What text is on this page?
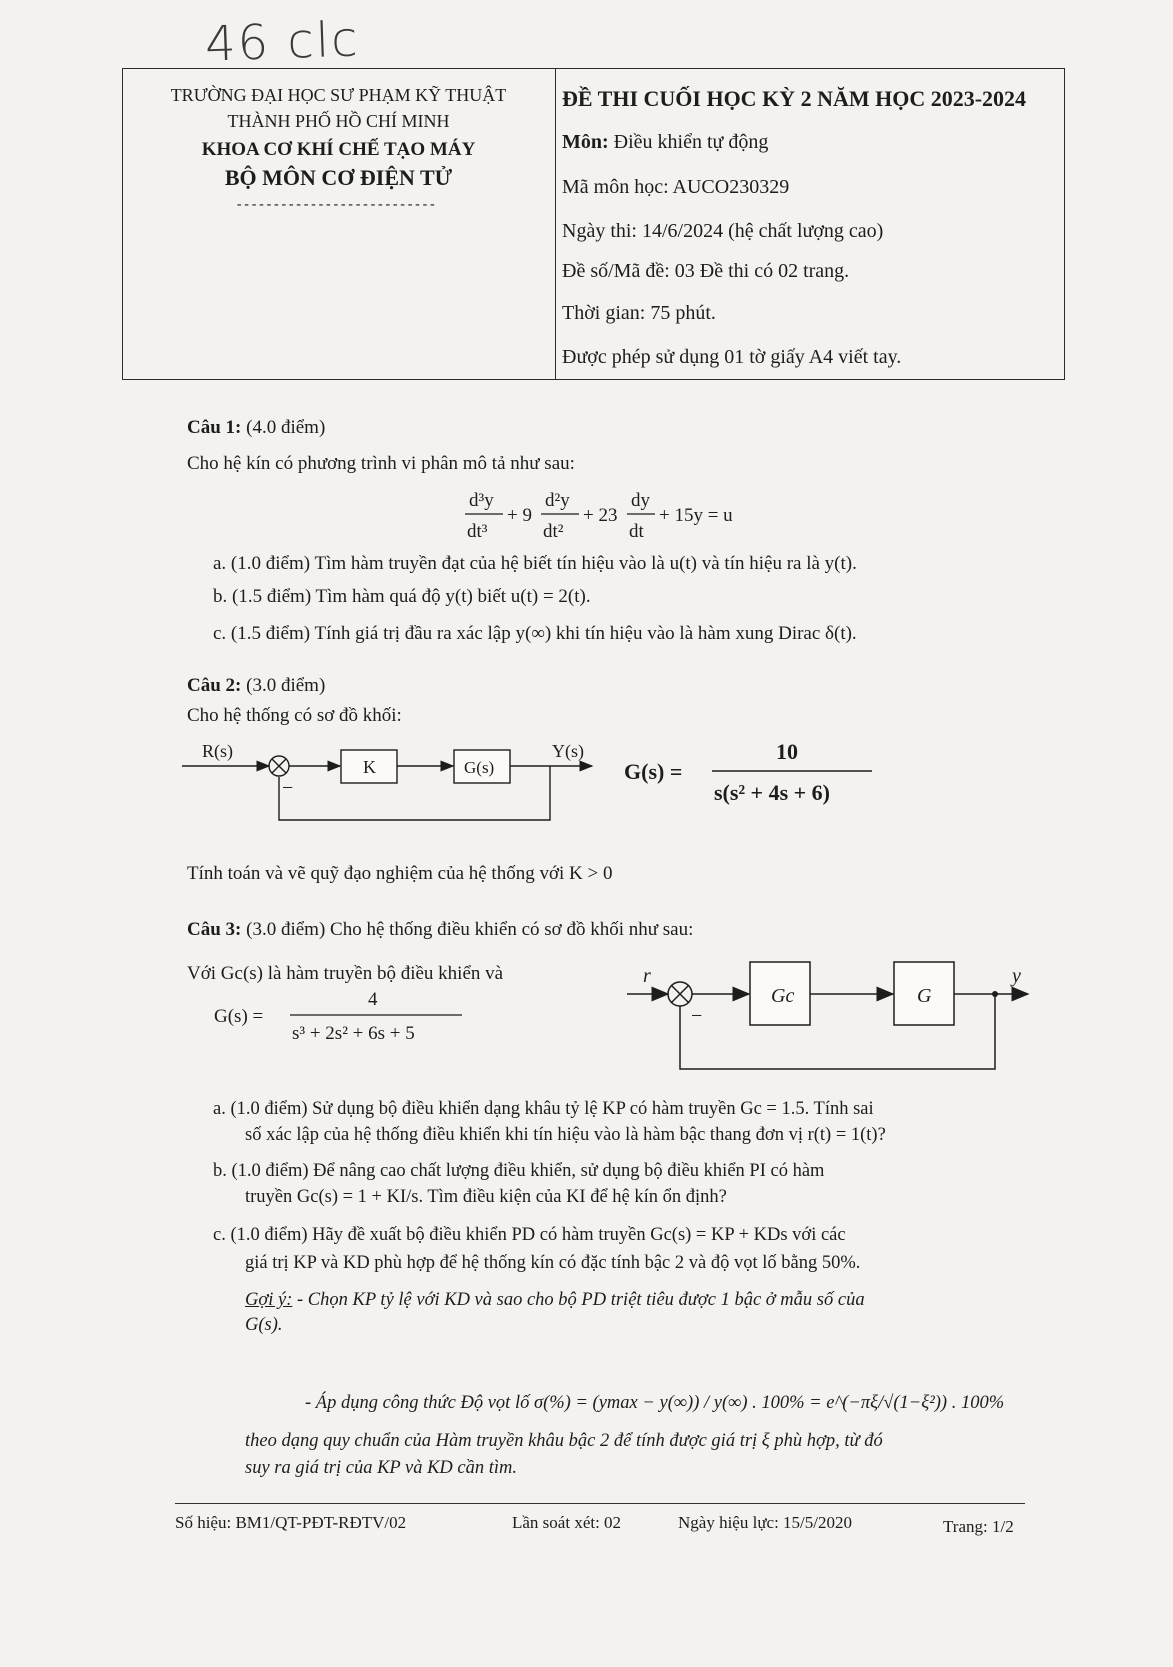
46 clc
TRƯỜNG ĐẠI HỌC SƯ PHẠM KỸ THUẬT
THÀNH PHỐ HỒ CHÍ MINH
KHOA CƠ KHÍ CHẾ TẠO MÁY
BỘ MÔN CƠ ĐIỆN TỬ
---------------------------
ĐỀ THI CUỐI HỌC KỲ 2 NĂM HỌC 2023-2024
Môn: Điều khiển tự động
Mã môn học: AUCO230329
Ngày thi: 14/6/2024 (hệ chất lượng cao)
Đề số/Mã đề: 03 Đề thi có 02 trang.
Thời gian: 75 phút.
Được phép sử dụng 01 tờ giấy A4 viết tay.
Câu 1: (4.0 điểm)
Cho hệ kín có phương trình vi phân mô tả như sau:
d³y
dt³
+ 9
d²y
dt²
+ 23
dy
dt
+ 15y = u
a. (1.0 điểm) Tìm hàm truyền đạt của hệ biết tín hiệu vào là u(t) và tín hiệu ra là y(t).
b. (1.5 điểm) Tìm hàm quá độ y(t) biết u(t) = 2(t).
c. (1.5 điểm) Tính giá trị đầu ra xác lập y(∞) khi tín hiệu vào là hàm xung Dirac δ(t).
Câu 2: (3.0 điểm)
Cho hệ thống có sơ đồ khối:
R(s)
K	G(s)
Y(s)
−
G(s) =
10
s(s² + 4s + 6)
Tính toán và vẽ quỹ đạo nghiệm của hệ thống với K > 0
Câu 3: (3.0 điểm) Cho hệ thống điều khiển có sơ đồ khối như sau:
Với Gc(s) là hàm truyền bộ điều khiển và
G(s) =
4
s³ + 2s² + 6s + 5
r
Gc	G
y
−
a. (1.0 điểm) Sử dụng bộ điều khiển dạng khâu tỷ lệ KP có hàm truyền Gc = 1.5. Tính sai
số xác lập của hệ thống điều khiển khi tín hiệu vào là hàm bậc thang đơn vị r(t) = 1(t)?
b. (1.0 điểm) Để nâng cao chất lượng điều khiển, sử dụng bộ điều khiển PI có hàm
truyền Gc(s) = 1 + KI/s. Tìm điều kiện của KI để hệ kín ổn định?
c. (1.0 điểm) Hãy đề xuất bộ điều khiển PD có hàm truyền Gc(s) = KP + KDs với các
giá trị KP và KD phù hợp để hệ thống kín có đặc tính bậc 2 và độ vọt lố bằng 50%.
Gợi ý: - Chọn KP tỷ lệ với KD và sao cho bộ PD triệt tiêu được 1 bậc ở mẫu số của
G(s).
- Áp dụng công thức Độ vọt lố σ(%) = (ymax − y(∞)) / y(∞) . 100% = e^(−πξ/√(1−ξ²)) . 100%
theo dạng quy chuẩn của Hàm truyền khâu bậc 2 để tính được giá trị ξ phù hợp, từ đó
suy ra giá trị của KP và KD cần tìm.
Số hiệu: BM1/QT-PĐT-RĐTV/02	Lần soát xét: 02	Ngày hiệu lực: 15/5/2020	Trang: 1/2
